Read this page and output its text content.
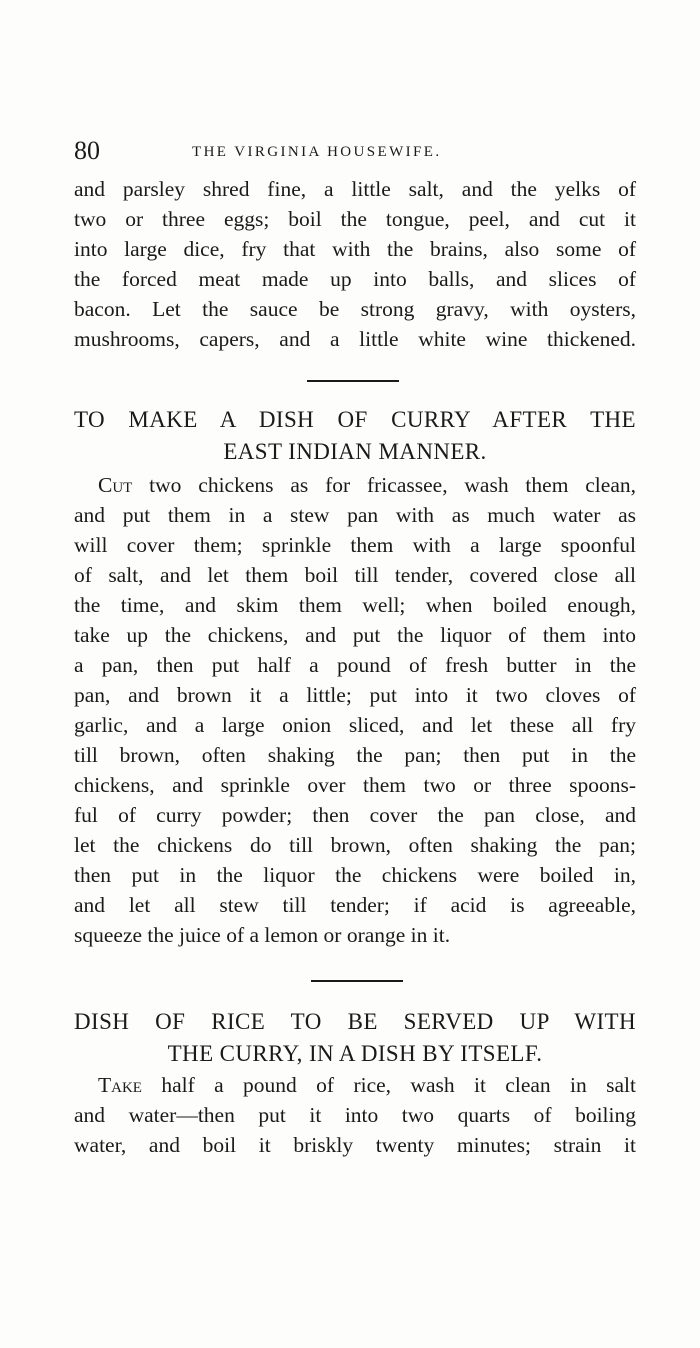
80	THE VIRGINIA HOUSEWIFE.
and parsley shred fine, a little salt, and the yelks of
two or three eggs; boil the tongue, peel, and cut it
into large dice, fry that with the brains, also some of
the forced meat made up into balls, and slices of
bacon. Let the sauce be strong gravy, with oysters,
mushrooms, capers, and a little white wine thickened.
TO MAKE A DISH OF CURRY AFTER THE
EAST INDIAN MANNER.
Cut two chickens as for fricassee, wash them clean,
and put them in a stew pan with as much water as
will cover them; sprinkle them with a large spoonful
of salt, and let them boil till tender, covered close all
the time, and skim them well; when boiled enough,
take up the chickens, and put the liquor of them into
a pan, then put half a pound of fresh butter in the
pan, and brown it a little; put into it two cloves of
garlic, and a large onion sliced, and let these all fry
till brown, often shaking the pan; then put in the
chickens, and sprinkle over them two or three spoons-
ful of curry powder; then cover the pan close, and
let the chickens do till brown, often shaking the pan;
then put in the liquor the chickens were boiled in,
and let all stew till tender; if acid is agreeable,
squeeze the juice of a lemon or orange in it.
DISH OF RICE TO BE SERVED UP WITH
THE CURRY, IN A DISH BY ITSELF.
Take half a pound of rice, wash it clean in salt
and water—then put it into two quarts of boiling
water, and boil it briskly twenty minutes; strain it
